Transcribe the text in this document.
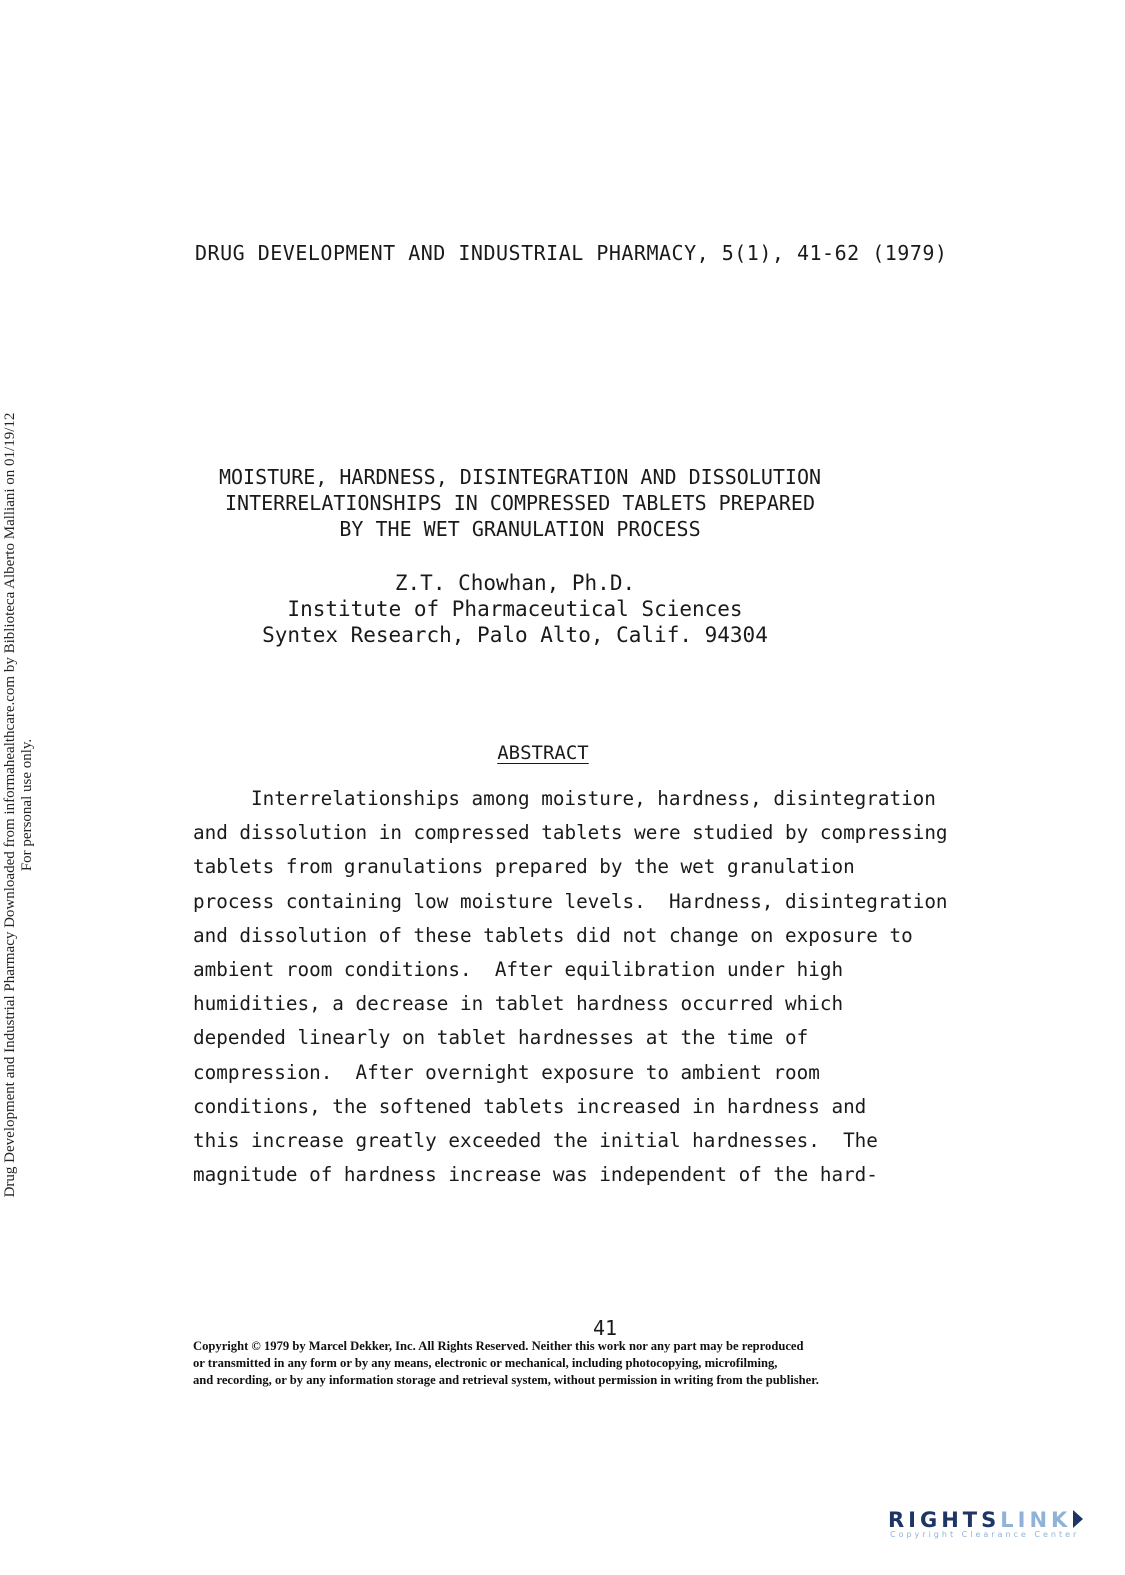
Drug Development and Industrial Pharmacy Downloaded from informahealthcare.com by Biblioteca Alberto Malliani on 01/19/12 For personal use only.
DRUG DEVELOPMENT AND INDUSTRIAL PHARMACY, 5(1), 41-62 (1979)
MOISTURE, HARDNESS, DISINTEGRATION AND DISSOLUTION
INTERRELATIONSHIPS IN COMPRESSED TABLETS PREPARED
BY THE WET GRANULATION PROCESS
Z.T. Chowhan, Ph.D.
Institute of Pharmaceutical Sciences
Syntex Research, Palo Alto, Calif. 94304
ABSTRACT
Interrelationships among moisture, hardness, disintegration
and dissolution in compressed tablets were studied by compressing
tablets from granulations prepared by the wet granulation
process containing low moisture levels.  Hardness, disintegration
and dissolution of these tablets did not change on exposure to
ambient room conditions.  After equilibration under high
humidities, a decrease in tablet hardness occurred which
depended linearly on tablet hardnesses at the time of
compression.  After overnight exposure to ambient room
conditions, the softened tablets increased in hardness and
this increase greatly exceeded the initial hardnesses.  The
magnitude of hardness increase was independent of the hard-
41
Copyright © 1979 by Marcel Dekker, Inc. All Rights Reserved. Neither this work nor any part may be reproduced
or transmitted in any form or by any means, electronic or mechanical, including photocopying, microfilming,
and recording, or by any information storage and retrieval system, without permission in writing from the publisher.
RIGHTSLINK
Copyright Clearance Center
